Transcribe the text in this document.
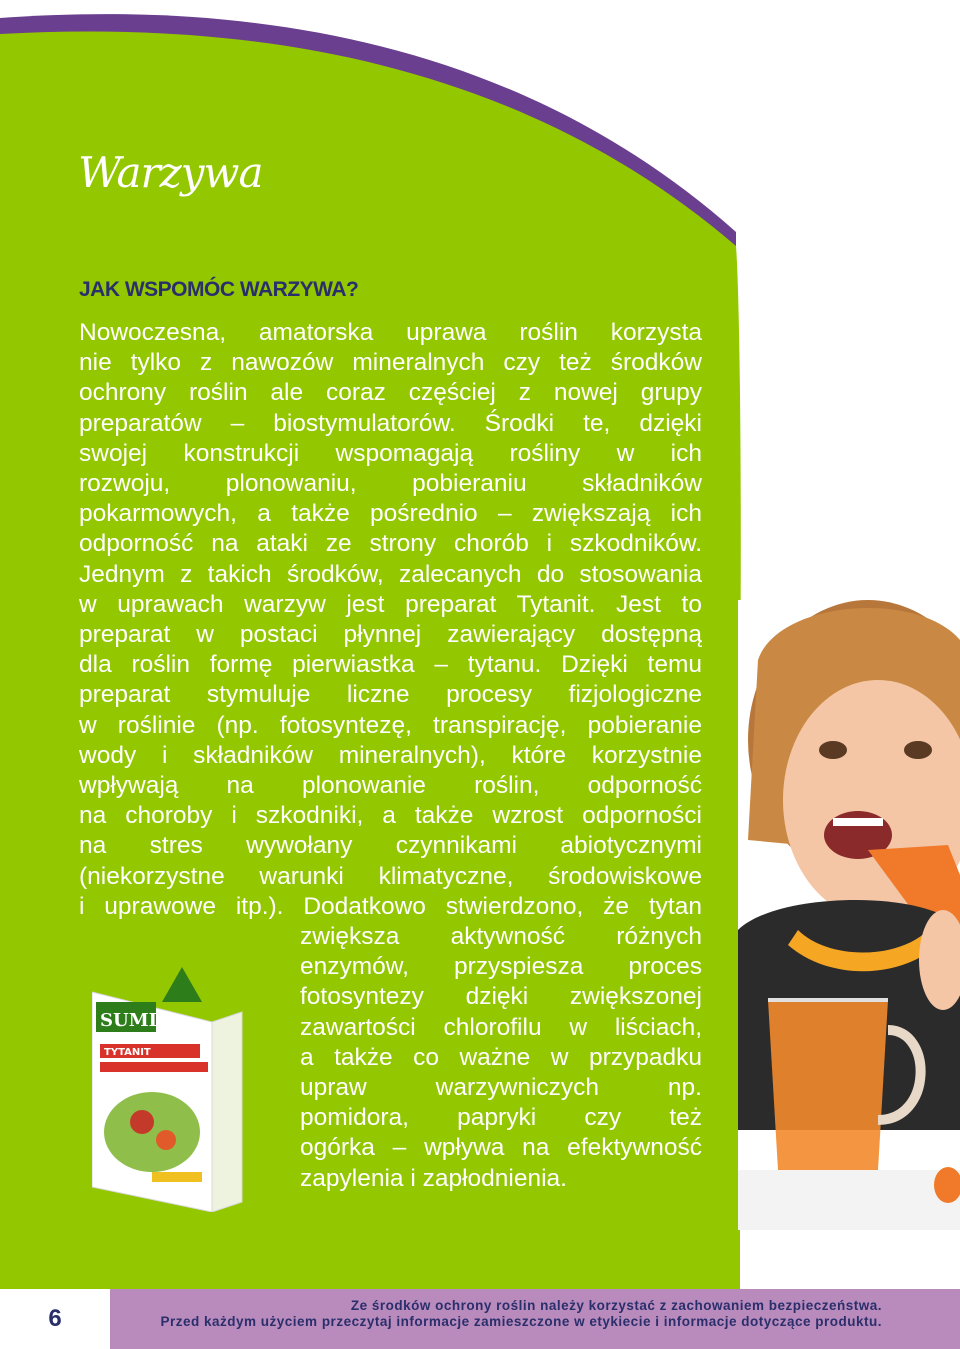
Warzywa
JAK WSPOMÓC WARZYWA?
Nowoczesna, amatorska uprawa roślin korzysta
nie tylko z nawozów mineralnych czy też środków
ochrony roślin ale coraz częściej z nowej grupy
preparatów – biostymulatorów. Środki te, dzięki
swojej konstrukcji wspomagają rośliny w ich
rozwoju, plonowaniu, pobieraniu składników
pokarmowych, a także pośrednio – zwiększają ich
odporność na ataki ze strony chorób i szkodników.
Jednym z takich środków, zalecanych do stosowania
w uprawach warzyw jest preparat Tytanit. Jest to
preparat w postaci płynnej zawierający dostępną
dla roślin formę pierwiastka – tytanu. Dzięki temu
preparat stymuluje liczne procesy fizjologiczne
w roślinie (np. fotosyntezę, transpirację, pobieranie
wody i składników mineralnych), które korzystnie
wpływają na plonowanie roślin, odporność
na choroby i szkodniki, a także wzrost odporności
na stres wywołany czynnikami abiotycznymi
(niekorzystne warunki klimatyczne, środowiskowe
i uprawowe itp.). Dodatkowo stwierdzono, że tytan
zwiększa aktywność różnych
enzymów, przyspiesza proces
fotosyntezy dzięki zwiększonej
zawartości chlorofilu w liściach,
a także co ważne w przypadku
upraw warzywniczych np.
pomidora, papryki czy też
ogórka – wpływa na efektywność
zapylenia i zapłodnienia.
SUMIN
TYTANIT
6	Ze środków ochrony roślin należy korzystać z zachowaniem bezpieczeństwa.
Przed każdym użyciem przeczytaj informacje zamieszczone w etykiecie i informacje dotyczące produktu.
